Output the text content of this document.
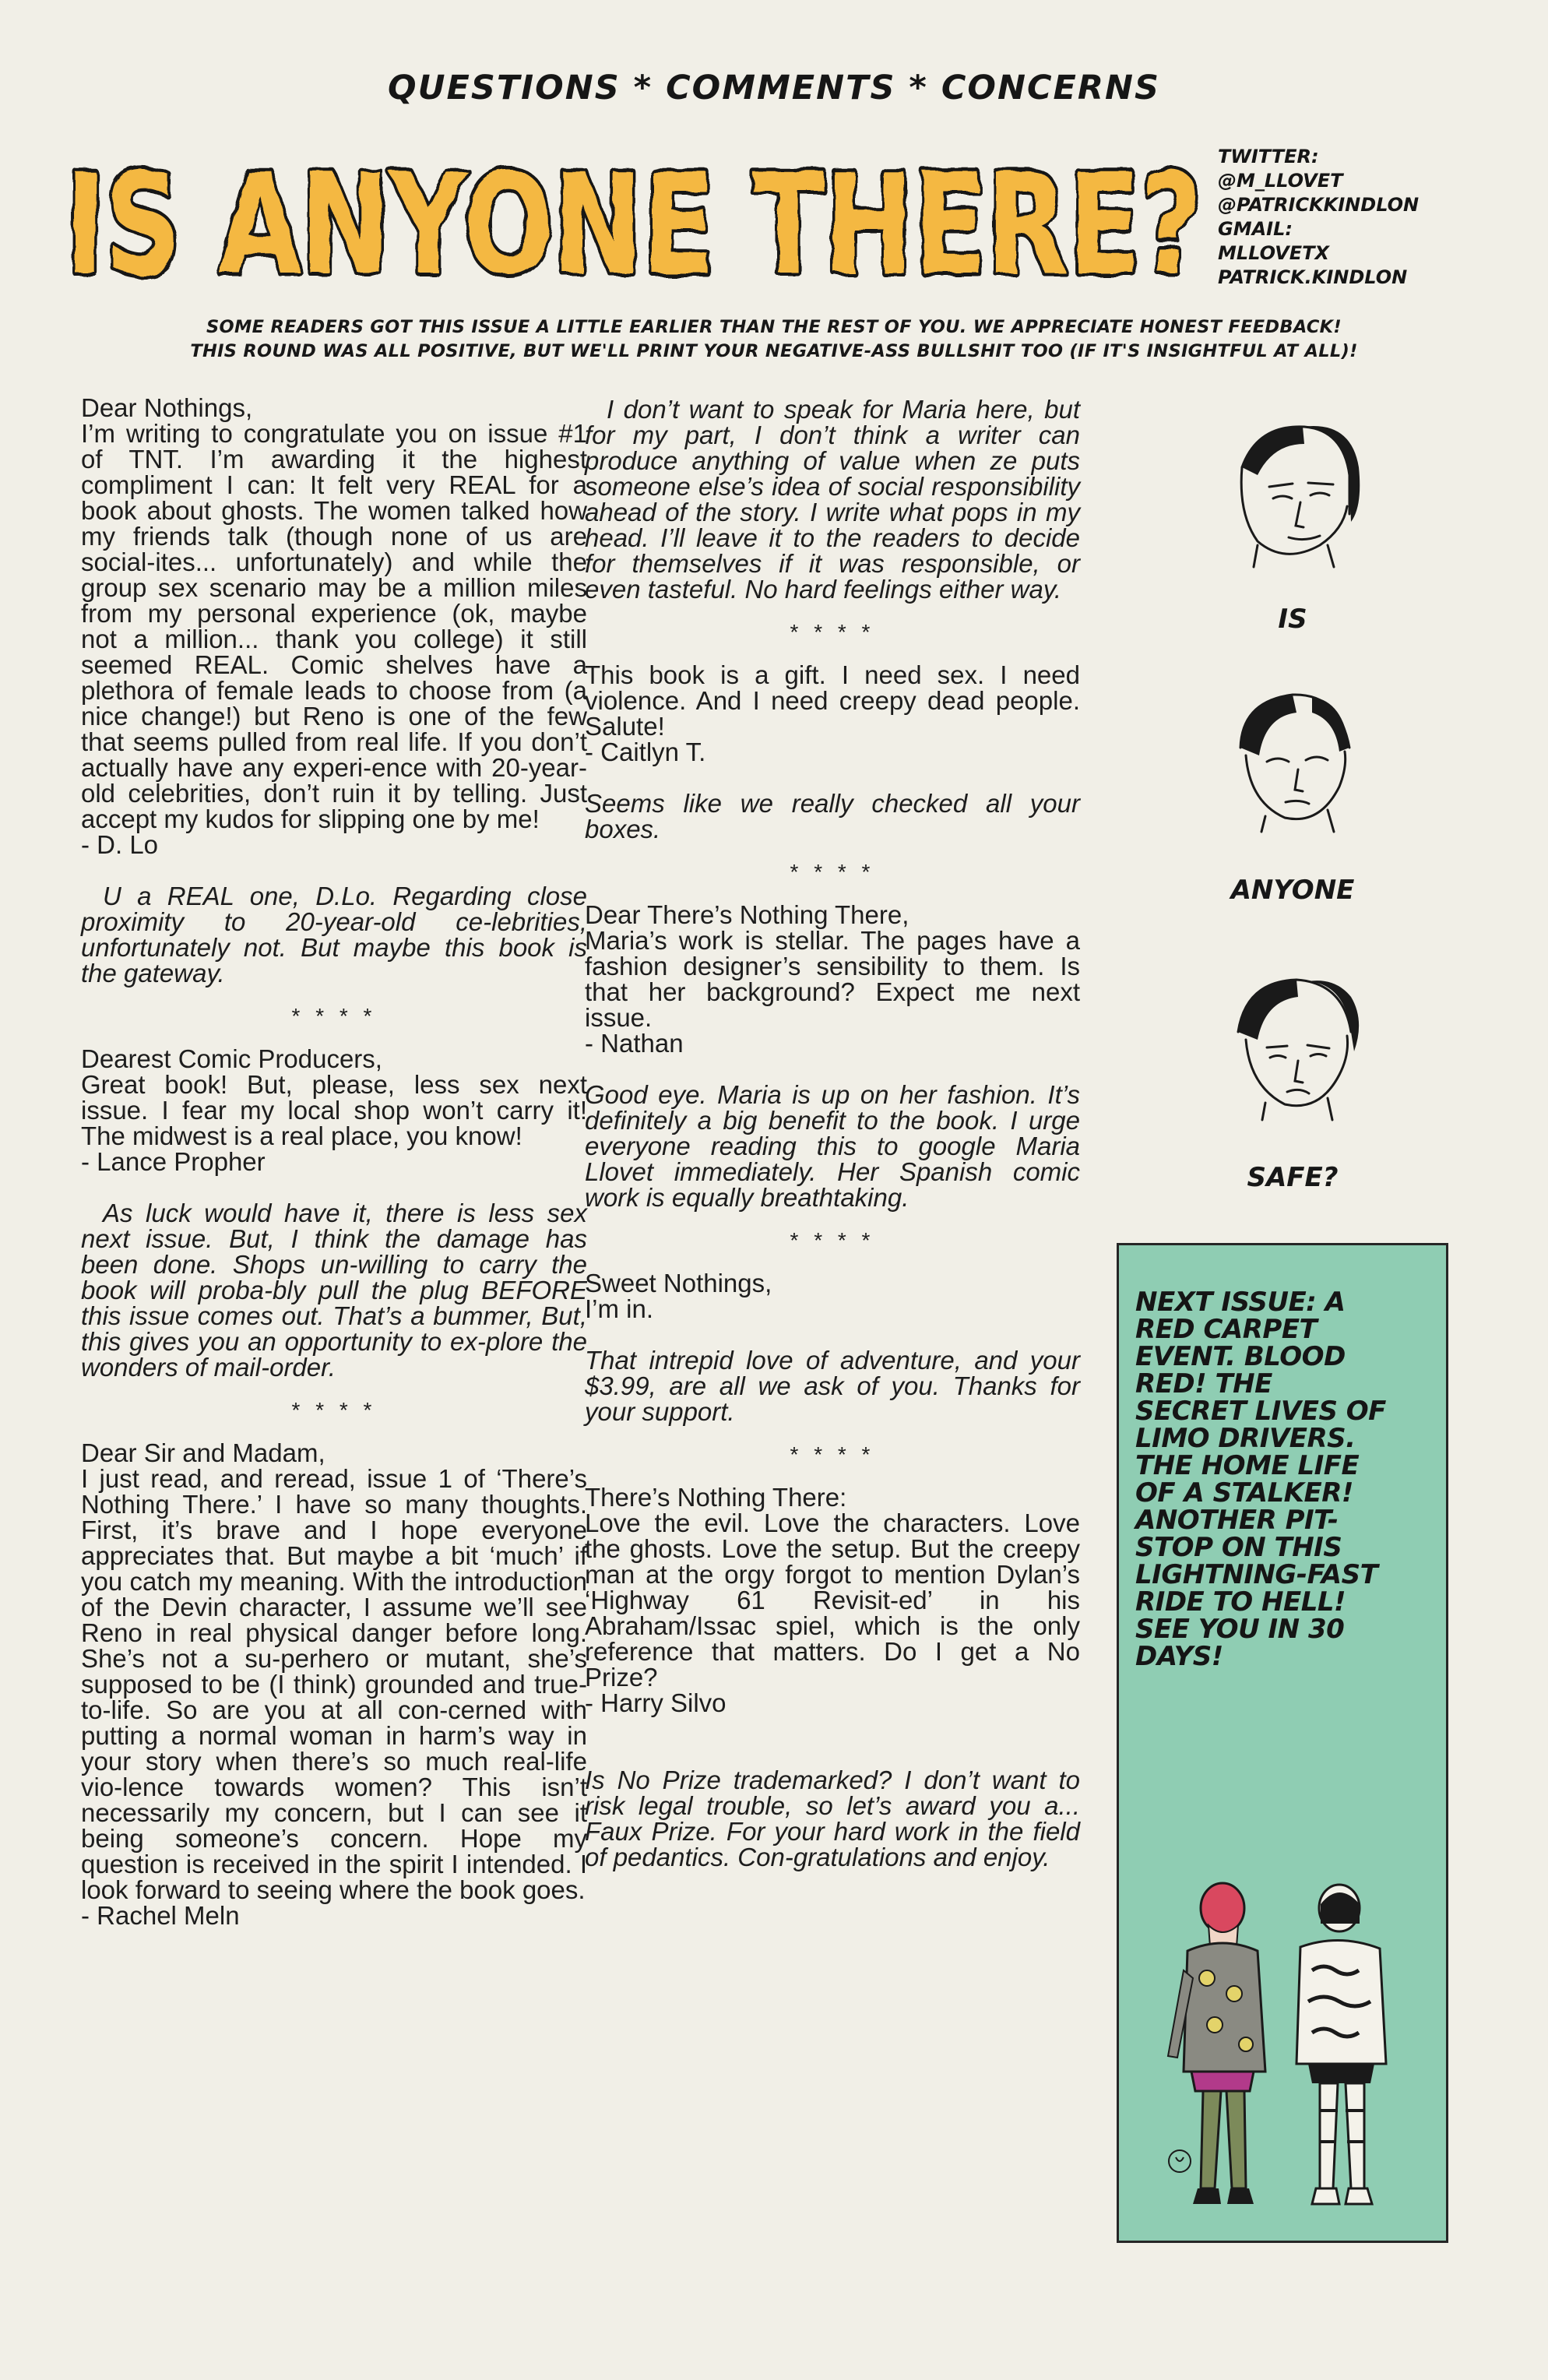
QUESTIONS * COMMENTS * CONCERNS
IS ANYONE THERE? TWITTER:
@M_LLOVET
@PATRICKKINDLON
GMAIL:
MLLOVETX
PATRICK.KINDLON
SOME READERS GOT THIS ISSUE A LITTLE EARLIER THAN THE REST OF YOU. WE APPRECIATE HONEST FEEDBACK!
THIS ROUND WAS ALL POSITIVE, BUT WE'LL PRINT YOUR NEGATIVE-ASS BULLSHIT TOO (IF IT'S INSIGHTFUL AT ALL)!

Dear Nothings,

I’m writing to congratulate you on issue #1 of TNT. I’m awarding it the highest compliment I can: It felt very REAL for a book about ghosts. The women talked how my friends talk (though none of us are social-ites... unfortunately) and while the group sex scenario may be a million miles from my personal experience (ok, maybe not a million... thank you college) it still seemed REAL. Comic shelves have a plethora of female leads to choose from (a nice change!) but Reno is one of the few that seems pulled from real life. If you don’t actually have any experi-ence with 20-year-old celebrities, don’t ruin it by telling. Just accept my kudos for slipping one by me!

- D. Lo

U a REAL one, D.Lo. Regarding close proximity to 20-year-old ce-lebrities, unfortunately not. But maybe this book is the gateway.

* * * *

Dearest Comic Producers,

Great book! But, please, less sex next issue. I fear my local shop won’t carry it! The midwest is a real place, you know!

- Lance Propher

As luck would have it, there is less sex next issue. But, I think the damage has been done. Shops un-willing to carry the book will proba-bly pull the plug BEFORE this issue comes out. That’s a bummer, But, this gives you an opportunity to ex-plore the wonders of mail-order.

* * * *

Dear Sir and Madam,

I just read, and reread, issue 1 of ‘There’s Nothing There.’ I have so many thoughts. First, it’s brave and I hope everyone appreciates that. But maybe a bit ‘much’ if you catch my meaning. With the introduction of the Devin character, I assume we’ll see Reno in real physical danger before long. She’s not a su-perhero or mutant, she’s supposed to be (I think) grounded and true-to-life. So are you at all con-cerned with putting a normal woman in harm’s way in your story when there’s so much real-life vio-lence towards women? This isn’t necessarily my concern, but I can see it being someone’s concern. Hope my question is received in the spirit I intended. I look forward to seeing where the book goes.

- Rachel Meln

I don’t want to speak for Maria here, but for my part, I don’t think a writer can produce anything of value when ze puts someone else’s idea of social responsibility ahead of the story. I write what pops in my head. I’ll leave it to the readers to decide for themselves if it was responsible, or even tasteful. No hard feelings either way.

* * * *

This book is a gift. I need sex. I need violence. And I need creepy dead people. Salute!

- Caitlyn T.

Seems like we really checked all your boxes.

* * * *

Dear There’s Nothing There,

Maria’s work is stellar. The pages have a fashion designer’s sensibility to them. Is that her background? Expect me next issue.

- Nathan

Good eye. Maria is up on her fashion. It’s definitely a big benefit to the book. I urge everyone reading this to google Maria Llovet immediately. Her Spanish comic work is equally breathtaking.

* * * *

Sweet Nothings,

I’m in.

That intrepid love of adventure, and your $3.99, are all we ask of you. Thanks for your support.

* * * *

There’s Nothing There:

Love the evil. Love the characters. Love the ghosts. Love the setup. But the creepy man at the orgy forgot to mention Dylan’s ‘Highway 61 Revisit-ed’ in his Abraham/Issac spiel, which is the only reference that matters. Do I get a No Prize?

- Harry Silvo

Is No Prize trademarked? I don’t want to risk legal trouble, so let’s award you a... Faux Prize. For your hard work in the field of pedantics. Con-gratulations and enjoy.

IS
ANYONE
SAFE?
NEXT ISSUE: A
RED CARPET
EVENT. BLOOD
RED! THE
SECRET LIVES OF
LIMO DRIVERS.
THE HOME LIFE
OF A STALKER!
ANOTHER PIT-
STOP ON THIS
LIGHTNING-FAST
RIDE TO HELL!
SEE YOU IN 30
DAYS!
